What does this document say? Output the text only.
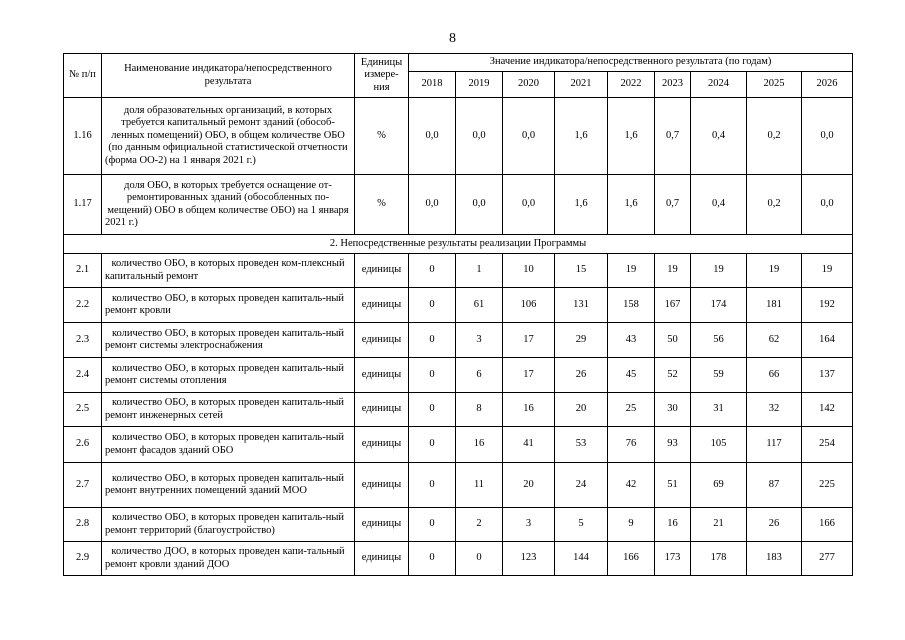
8
№ п/п	Наименование индикатора/непосредственного результата	Единицы измере-ния	Значение индикатора/непосредственного результата (по годам)								
			2018	2019	2020	2021	2022	2023	2024	2025	2026
1.16	доля образовательных организаций, в которых требуется капитальный ремонт зданий (обособ-ленных помещений) ОБО, в общем количестве ОБО (по данным официальной статистической отчетности (форма ОО-2) на 1 января 2021 г.)	%	0,0	0,0	0,0	1,6	1,6	0,7	0,4	0,2	0,0
1.17	доля ОБО, в которых требуется оснащение от-ремонтированных зданий (обособленных по-мещений) ОБО в общем количестве ОБО) на 1 января 2021 г.)	%	0,0	0,0	0,0	1,6	1,6	0,7	0,4	0,2	0,0
2. Непосредственные результаты реализации Программы											
2.1	количество ОБО, в которых проведен ком-плексный капитальный ремонт	единицы	0	1	10	15	19	19	19	19	19
2.2	количество ОБО, в которых проведен капиталь-ный ремонт кровли	единицы	0	61	106	131	158	167	174	181	192
2.3	количество ОБО, в которых проведен капиталь-ный ремонт системы электроснабжения	единицы	0	3	17	29	43	50	56	62	164
2.4	количество ОБО, в которых проведен капиталь-ный ремонт системы отопления	единицы	0	6	17	26	45	52	59	66	137
2.5	количество ОБО, в которых проведен капиталь-ный ремонт инженерных сетей	единицы	0	8	16	20	25	30	31	32	142
2.6	количество ОБО, в которых проведен капиталь-ный ремонт фасадов зданий ОБО	единицы	0	16	41	53	76	93	105	117	254
2.7	количество ОБО, в которых проведен капиталь-ный ремонт внутренних помещений зданий МОО	единицы	0	11	20	24	42	51	69	87	225
2.8	количество ОБО, в которых проведен капиталь-ный ремонт территорий (благоустройство)	единицы	0	2	3	5	9	16	21	26	166
2.9	количество ДОО, в которых проведен капи-тальный ремонт кровли зданий ДОО	единицы	0	0	123	144	166	173	178	183	277
